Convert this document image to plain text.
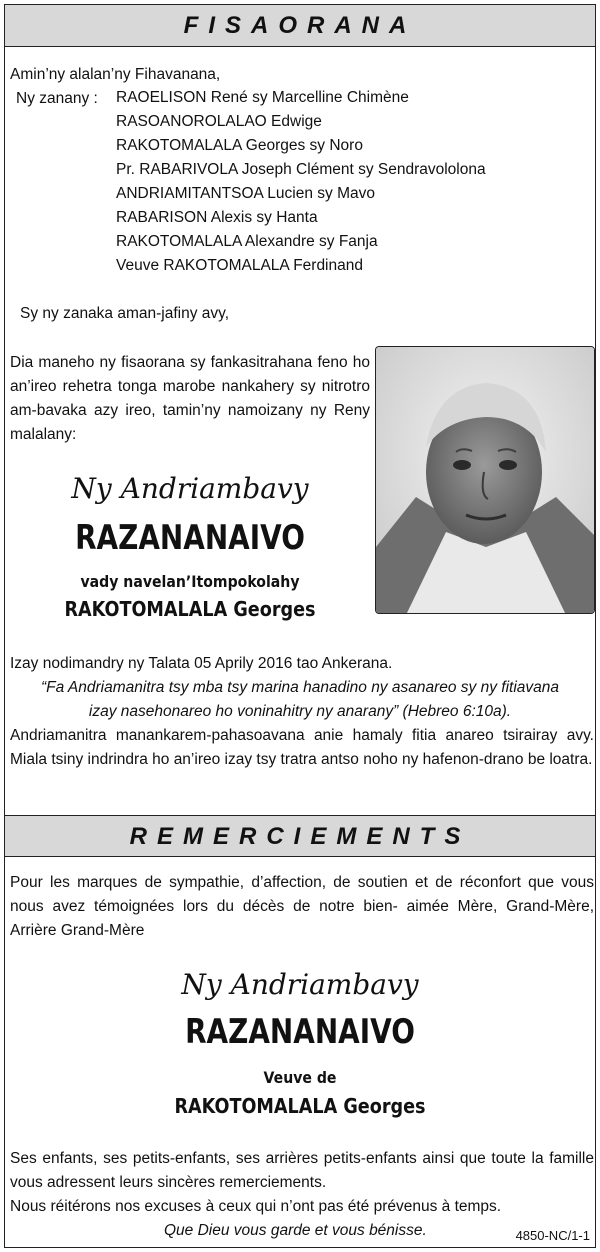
FISAORANA
Amin’ny alalan’ny Fihavanana,
Ny zanany : RAOELISON René sy Marcelline Chimène
RASOANOROLALAO Edwige
RAKOTOMALALA Georges sy Noro
Pr. RABARIVOLA Joseph Clément sy Sendravololona
ANDRIAMITANTSOA Lucien sy Mavo
RABARISON Alexis sy Hanta
RAKOTOMALALA Alexandre sy Fanja
Veuve RAKOTOMALALA Ferdinand
Sy ny zanaka aman-jafiny avy,
Dia maneho ny fisaorana sy fankasitrahana feno ho an’ireo rehetra tonga marobe nankahery sy nitrotro am-bavaka azy ireo, tamin’ny namoizany ny Reny malalany:
Ny Andriambavy
RAZANANAIVO
vady navelan’Itompokolahy
RAKOTOMALALA Georges
Izay nodimandry ny Talata 05 Aprily 2016 tao Ankerana.
“Fa Andriamanitra tsy mba tsy marina hanadino ny asanareo sy ny fitiavana
izay nasehonareo ho voninahitry ny anarany” (Hebreo 6:10a).
Andriamanitra manankarem-pahasoavana anie hamaly fitia anareo tsirairay avy. Miala tsiny indrindra ho an’ireo izay tsy tratra antso noho ny hafenon-drano be loatra.
REMERCIEMENTS
Pour les marques de sympathie, d’affection, de soutien et de réconfort que vous nous avez témoignées lors du décès de notre bien- aimée Mère, Grand-Mère, Arrière Grand-Mère
Ny Andriambavy
RAZANANAIVO
Veuve de
RAKOTOMALALA Georges
Ses enfants, ses petits-enfants, ses arrières petits-enfants ainsi que toute la famille vous adressent leurs sincères remerciements.
Nous réitérons nos excuses à ceux qui n’ont pas été prévenus à temps.
Que Dieu vous garde et vous bénisse.	4850-NC/1-1
